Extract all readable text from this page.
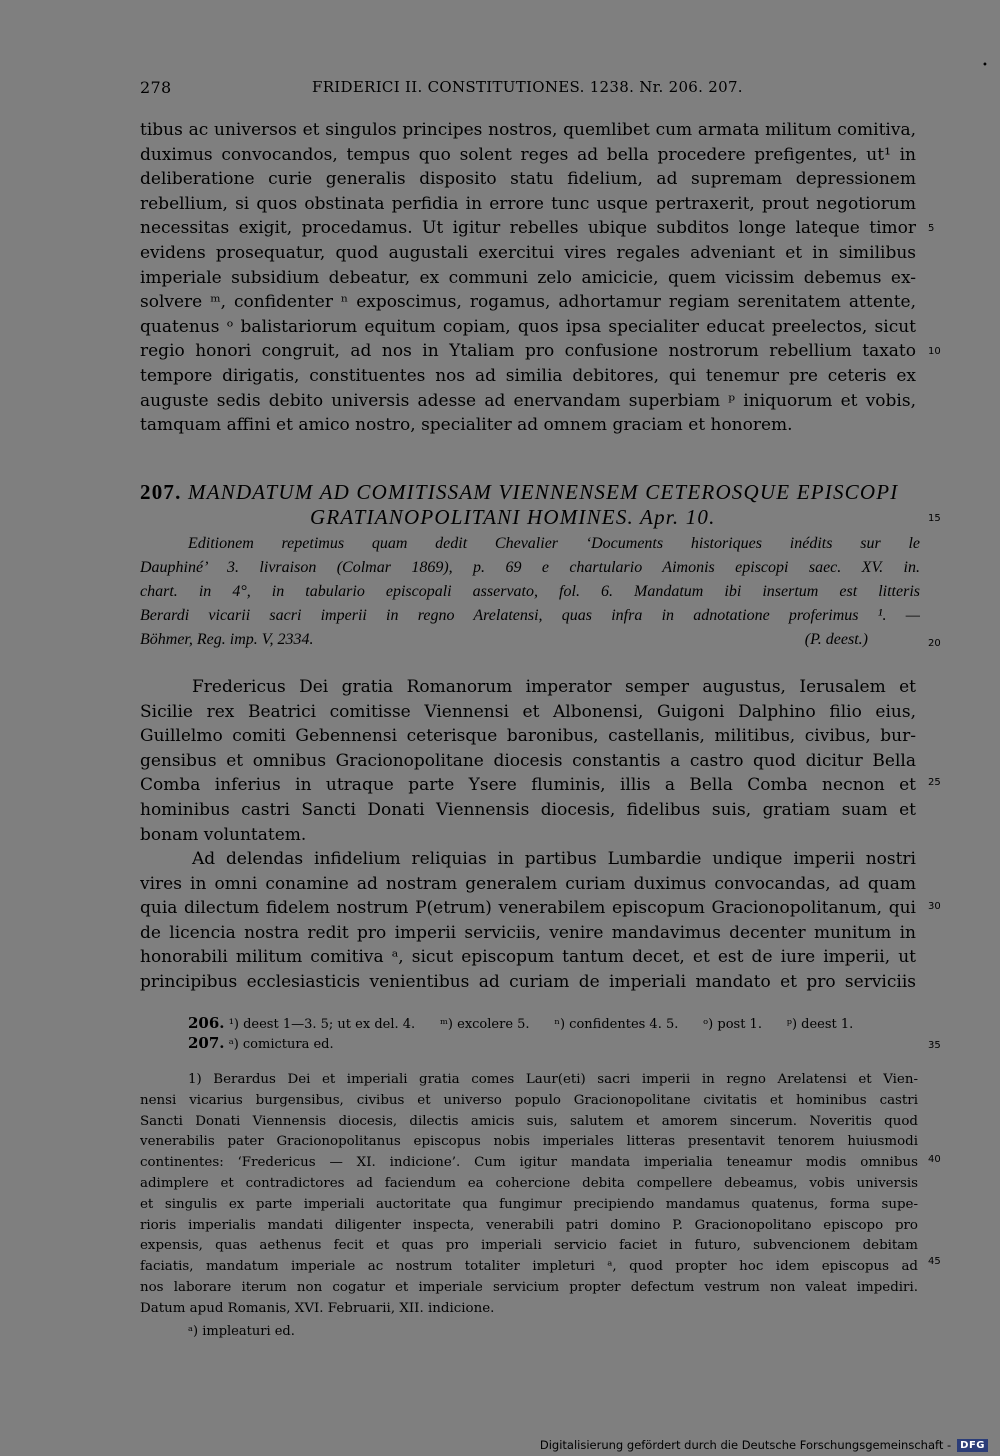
278	FRIDERICI II. CONSTITUTIONES. 1238. Nr. 206. 207.
•
tibus ac universos et singulos principes nostros, quemlibet cum armata militum comitiva,
duximus convocandos, tempus quo solent reges ad bella procedere prefigentes, ut¹ in
deliberatione curie generalis disposito statu fidelium, ad supremam depressionem
rebellium, si quos obstinata perfidia in errore tunc usque pertraxerit, prout negotiorum
necessitas exigit, procedamus. Ut igitur rebelles ubique subditos longe lateque timor
evidens prosequatur, quod augustali exercitui vires regales adveniant et in similibus
imperiale subsidium debeatur, ex communi zelo amicicie, quem vicissim debemus ex-
solvere ᵐ, confidenter ⁿ exposcimus, rogamus, adhortamur regiam serenitatem attente,
quatenus ᵒ balistariorum equitum copiam, quos ipsa specialiter educat preelectos, sicut
regio honori congruit, ad nos in Ytaliam pro confusione nostrorum rebellium taxato
tempore dirigatis, constituentes nos ad similia debitores, qui tenemur pre ceteris ex
auguste sedis debito universis adesse ad enervandam superbiam ᵖ iniquorum et vobis,
tamquam affini et amico nostro, specialiter ad omnem graciam et honorem.
5
10
207. MANDATUM AD COMITISSAM VIENNENSEM CETEROSQUE EPISCOPI
GRATIANOPOLITANI HOMINES. Apr. 10.	15
Editionem repetimus quam dedit Chevalier ‘Documents historiques inédits sur le
Dauphiné’ 3. livraison (Colmar 1869), p. 69 e chartulario Aimonis episcopi saec. XV. in.
chart. in 4°, in tabulario episcopali asservato, fol. 6. Mandatum ibi insertum est litteris
Berardi vicarii sacri imperii in regno Arelatensi, quas infra in adnotatione proferimus ¹. —
Böhmer, Reg. imp. V, 2334.	(P. deest.)	20
Fredericus Dei gratia Romanorum imperator semper augustus, Ierusalem et
Sicilie rex Beatrici comitisse Viennensi et Albonensi, Guigoni Dalphino filio eius,
Guillelmo comiti Gebennensi ceterisque baronibus, castellanis, militibus, civibus, bur-
gensibus et omnibus Gracionopolitane diocesis constantis a castro quod dicitur Bella
Comba inferius in utraque parte Ysere fluminis, illis a Bella Comba necnon et
hominibus castri Sancti Donati Viennensis diocesis, fidelibus suis, gratiam suam et
bonam voluntatem.
25
Ad delendas infidelium reliquias in partibus Lumbardie undique imperii nostri
vires in omni conamine ad nostram generalem curiam duximus convocandas, ad quam
quia dilectum fidelem nostrum P(etrum) venerabilem episcopum Gracionopolitanum, qui
de licencia nostra redit pro imperii serviciis, venire mandavimus decenter munitum in
honorabili militum comitiva ᵃ, sicut episcopum tantum decet, et est de iure imperii, ut
principibus ecclesiasticis venientibus ad curiam de imperiali mandato et pro serviciis
30
206. ¹) deest 1—3. 5; ut ex del. 4.      ᵐ) excolere 5.      ⁿ) confidentes 4. 5.      ᵒ) post 1.      ᵖ) deest 1.
207. ᵃ) comictura ed.	35
1) Berardus Dei et imperiali gratia comes Laur(eti) sacri imperii in regno Arelatensi et Vien-
nensi vicarius burgensibus, civibus et universo populo Gracionopolitane civitatis et hominibus castri
Sancti Donati Viennensis diocesis, dilectis amicis suis, salutem et amorem sincerum. Noveritis quod
venerabilis pater Gracionopolitanus episcopus nobis imperiales litteras presentavit tenorem huiusmodi
continentes: ‘Fredericus — XI. indicione’. Cum igitur mandata imperialia teneamur modis omnibus
adimplere et contradictores ad faciendum ea cohercione debita compellere debeamus, vobis universis
et singulis ex parte imperiali auctoritate qua fungimur precipiendo mandamus quatenus, forma supe-
rioris imperialis mandati diligenter inspecta, venerabili patri domino P. Gracionopolitano episcopo pro
expensis, quas aethenus fecit et quas pro imperiali servicio faciet in futuro, subvencionem debitam
faciatis, mandatum imperiale ac nostrum totaliter impleturi ᵃ, quod propter hoc idem episcopus ad
nos laborare iterum non cogatur et imperiale servicium propter defectum vestrum non valeat impediri.
Datum apud Romanis, XVI. Februarii, XII. indicione.
40
45
ᵃ) impleaturi ed.
Digitalisierung gefördert durch die Deutsche Forschungsgemeinschaft - DFG
